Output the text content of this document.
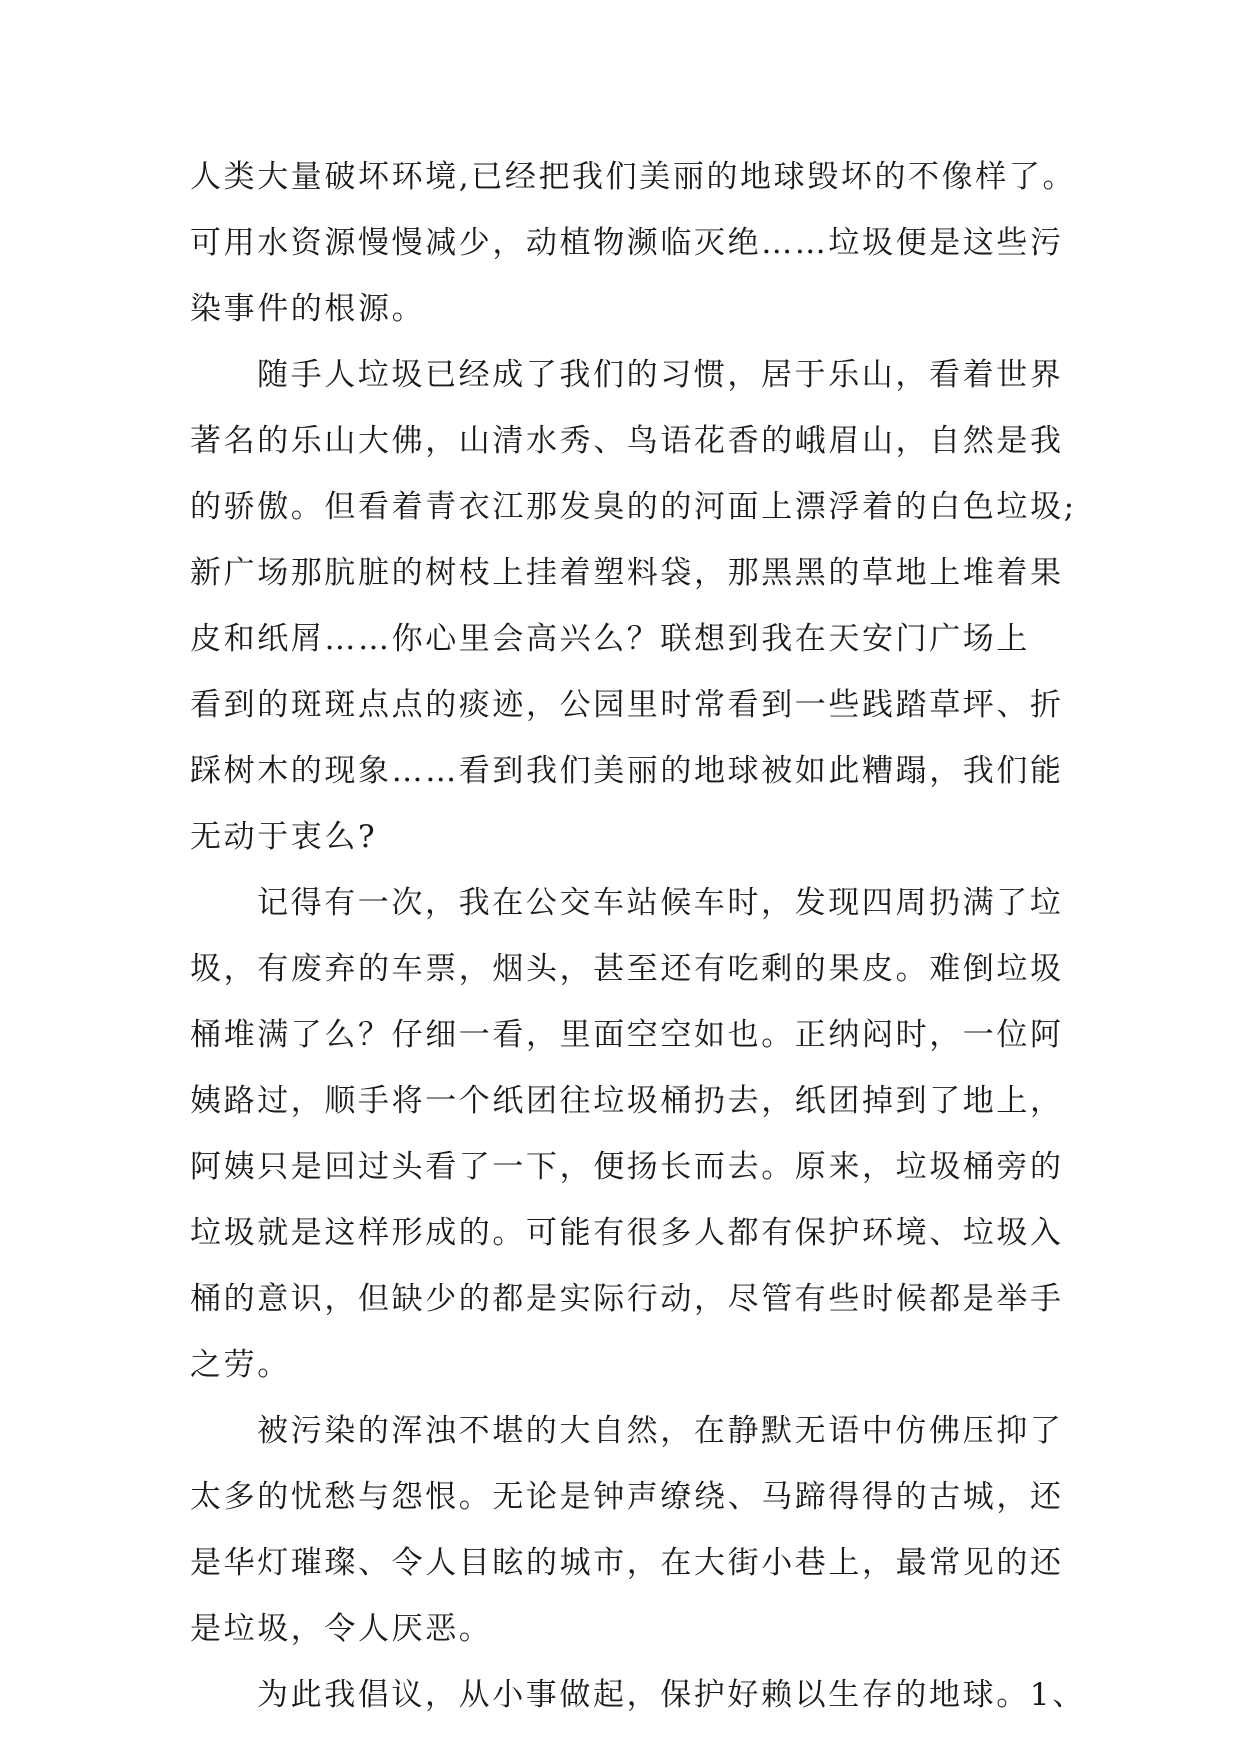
人类大量破坏环境,已经把我们美丽的地球毁坏的不像样了。

可用水资源慢慢减少，动植物濒临灭绝……垃圾便是这些污

染事件的根源。

随手人垃圾已经成了我们的习惯，居于乐山，看着世界

著名的乐山大佛，山清水秀、鸟语花香的峨眉山，自然是我

的骄傲。但看着青衣江那发臭的的河面上漂浮着的白色垃圾;

新广场那肮脏的树枝上挂着塑料袋，那黑黑的草地上堆着果

皮和纸屑……你心里会高兴么？联想到我在天安门广场上

看到的斑斑点点的痰迹，公园里时常看到一些践踏草坪、折

踩树木的现象……看到我们美丽的地球被如此糟蹋，我们能

无动于衷么?

记得有一次，我在公交车站候车时，发现四周扔满了垃

圾，有废弃的车票，烟头，甚至还有吃剩的果皮。难倒垃圾

桶堆满了么？仔细一看，里面空空如也。正纳闷时，一位阿

姨路过，顺手将一个纸团往垃圾桶扔去，纸团掉到了地上，

阿姨只是回过头看了一下，便扬长而去。原来，垃圾桶旁的

垃圾就是这样形成的。可能有很多人都有保护环境、垃圾入

桶的意识，但缺少的都是实际行动，尽管有些时候都是举手

之劳。

被污染的浑浊不堪的大自然，在静默无语中仿佛压抑了

太多的忧愁与怨恨。无论是钟声缭绕、马蹄得得的古城，还

是华灯璀璨、令人目眩的城市，在大街小巷上，最常见的还

是垃圾，令人厌恶。

为此我倡议，从小事做起，保护好赖以生存的地球。1、
